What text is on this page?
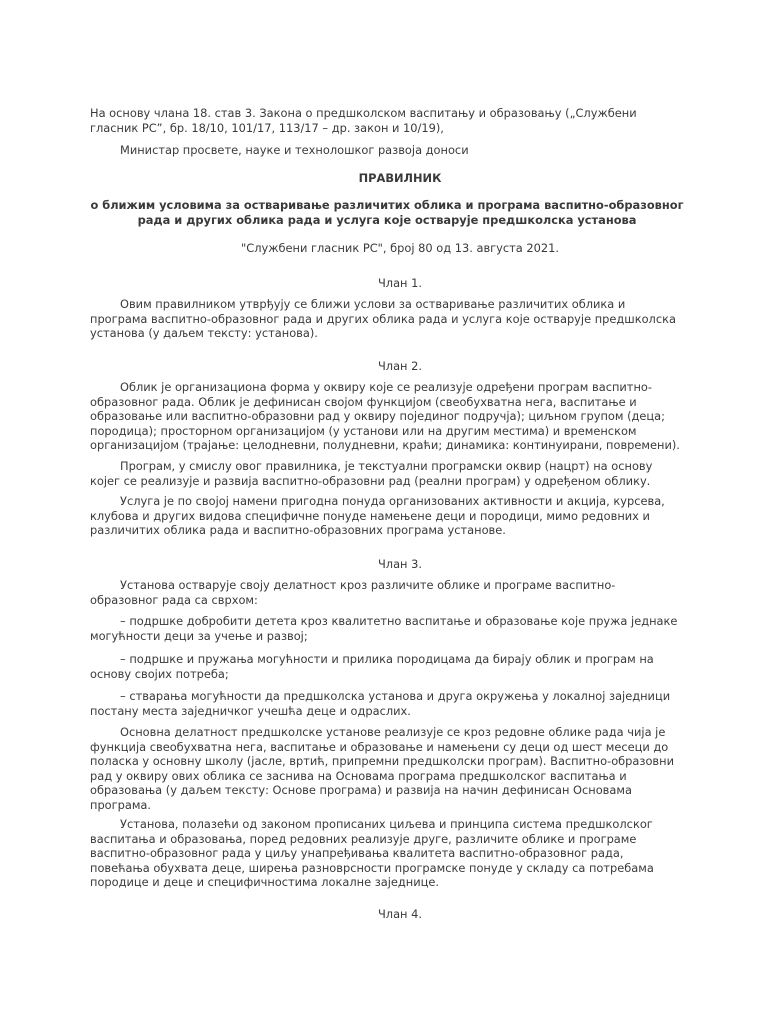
На основу члана 18. став 3. Закона о предшколском васпитању и образовању („Службени гласник РС”, бр. 18/10, 101/17, 113/17 – др. закон и 10/19),

Министар просвете, науке и технолошког развоја доноси

ПРАВИЛНИК

о ближим условима за остваривање различитих облика и програма васпитно-образовног рада и других облика рада и услуга које остварује предшколска установа

"Службени гласник РС", број 80 од 13. августа 2021.

Члан 1.

Овим правилником утврђују се ближи услови за остваривање различитих облика и програма васпитно-образовног рада и других облика рада и услуга које остварује предшколска установа (у даљем тексту: установа).

Члан 2.

Облик је организациона форма у оквиру које се реализује одређени програм васпитно-образовног рада. Облик је дефинисан својом функцијом (свеобухватна нега, васпитање и образовање или васпитно-образовни рад у оквиру појединог подручја); циљном групом (деца; породица); просторном организацијом (у установи или на другим местима) и временском организацијом (трајање: целодневни, полудневни, краћи; динамика: континуирани, повремени).

Програм, у смислу овог правилника, је текстуални програмски оквир (нацрт) на основу којег се реализује и развија васпитно-образовни рад (реални програм) у одређеном облику.

Услуга је по својој намени пригодна понуда организованих активности и акција, курсева, клубова и других видова специфичне понуде намењене деци и породици, мимо редовних и различитих облика рада и васпитно-образовних програма установе.

Члан 3.

Установа остварује своју делатност кроз различите облике и програме васпитно-образовног рада са сврхом:

– подршке добробити детета кроз квалитетно васпитање и образовање које пружа једнаке могућности деци за учење и развој;

– подршке и пружања могућности и прилика породицама да бирају облик и програм на основу својих потреба;

– стварања могућности да предшколска установа и друга окружења у локалној заједници постану места заједничког учешћа деце и одраслих.

Основна делатност предшколске установе реализује се кроз редовне облике рада чија је функција свеобухватна нега, васпитање и образовање и намењени су деци од шест месеци до поласка у основну школу (јасле, вртић, припремни предшколски програм). Васпитно-образовни рад у оквиру ових облика се заснива на Основама програма предшколског васпитања и образовања (у даљем тексту: Основе програма) и развија на начин дефинисан Основама програма.

Установа, полазећи од законом прописаних циљева и принципа система предшколског васпитања и образовања, поред редовних реализује друге, различите облике и програме васпитно-образовног рада у циљу унапређивања квалитета васпитно-образовног рада, повећања обухвата деце, ширења разноврсности програмске понуде у складу са потребама породице и деце и специфичностима локалне заједнице.

Члан 4.
